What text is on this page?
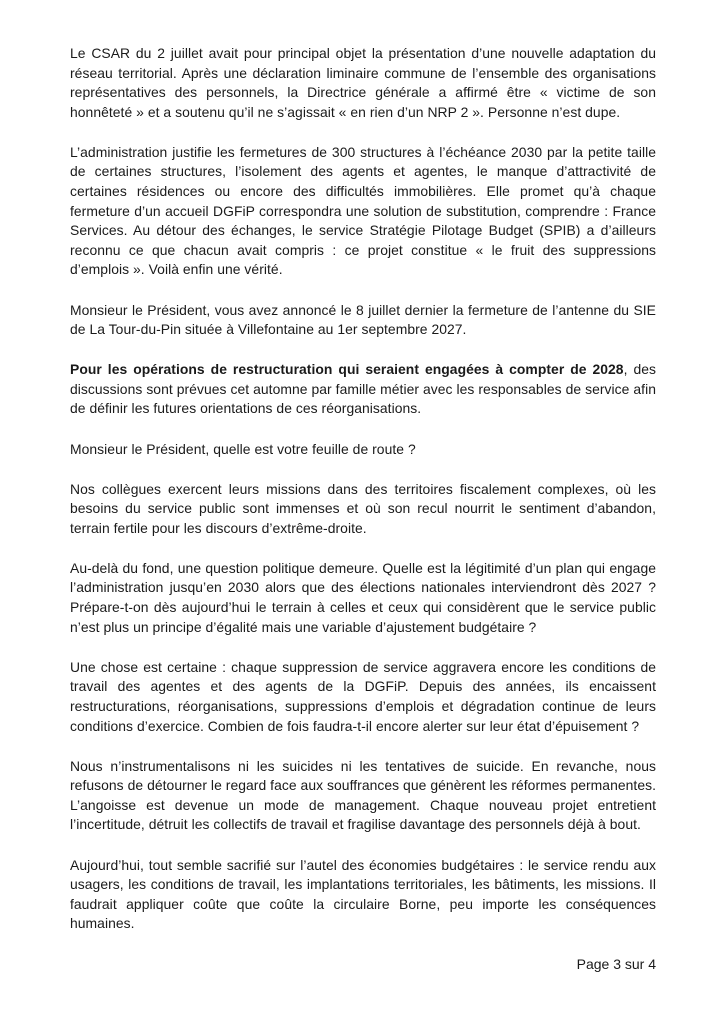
Le CSAR du 2 juillet avait pour principal objet la présentation d’une nouvelle adaptation du réseau territorial. Après une déclaration liminaire commune de l’ensemble des organisations représentatives des personnels, la Directrice générale a affirmé être « victime de son honnêteté » et a soutenu qu’il ne s’agissait « en rien d’un NRP 2 ». Personne n’est dupe.

L’administration justifie les fermetures de 300 structures à l’échéance 2030 par la petite taille de certaines structures, l’isolement des agents et agentes, le manque d’attractivité de certaines résidences ou encore des difficultés immobilières. Elle promet qu’à chaque fermeture d’un accueil DGFiP correspondra une solution de substitution, comprendre : France Services. Au détour des échanges, le service Stratégie Pilotage Budget (SPIB) a d’ailleurs reconnu ce que chacun avait compris : ce projet constitue « le fruit des suppressions d’emplois ». Voilà enfin une vérité.

Monsieur le Président, vous avez annoncé le 8 juillet dernier la fermeture de l’antenne du SIE de La Tour-du-Pin située à Villefontaine au 1er septembre 2027.

Pour les opérations de restructuration qui seraient engagées à compter de 2028, des discussions sont prévues cet automne par famille métier avec les responsables de service afin de définir les futures orientations de ces réorganisations.

Monsieur le Président, quelle est votre feuille de route ?

Nos collègues exercent leurs missions dans des territoires fiscalement complexes, où les besoins du service public sont immenses et où son recul nourrit le sentiment d’abandon, terrain fertile pour les discours d’extrême-droite.

Au-delà du fond, une question politique demeure. Quelle est la légitimité d’un plan qui engage l’administration jusqu’en 2030 alors que des élections nationales interviendront dès 2027 ? Prépare-t-on dès aujourd’hui le terrain à celles et ceux qui considèrent que le service public n’est plus un principe d’égalité mais une variable d’ajustement budgétaire ?

Une chose est certaine : chaque suppression de service aggravera encore les conditions de travail des agentes et des agents de la DGFiP. Depuis des années, ils encaissent restructurations, réorganisations, suppressions d’emplois et dégradation continue de leurs conditions d’exercice. Combien de fois faudra-t-il encore alerter sur leur état d’épuisement ?

Nous n’instrumentalisons ni les suicides ni les tentatives de suicide. En revanche, nous refusons de détourner le regard face aux souffrances que génèrent les réformes permanentes. L’angoisse est devenue un mode de management. Chaque nouveau projet entretient l’incertitude, détruit les collectifs de travail et fragilise davantage des personnels déjà à bout.

Aujourd’hui, tout semble sacrifié sur l’autel des économies budgétaires : le service rendu aux usagers, les conditions de travail, les implantations territoriales, les bâtiments, les missions. Il faudrait appliquer coûte que coûte la circulaire Borne, peu importe les conséquences humaines.

Page 3 sur 4
